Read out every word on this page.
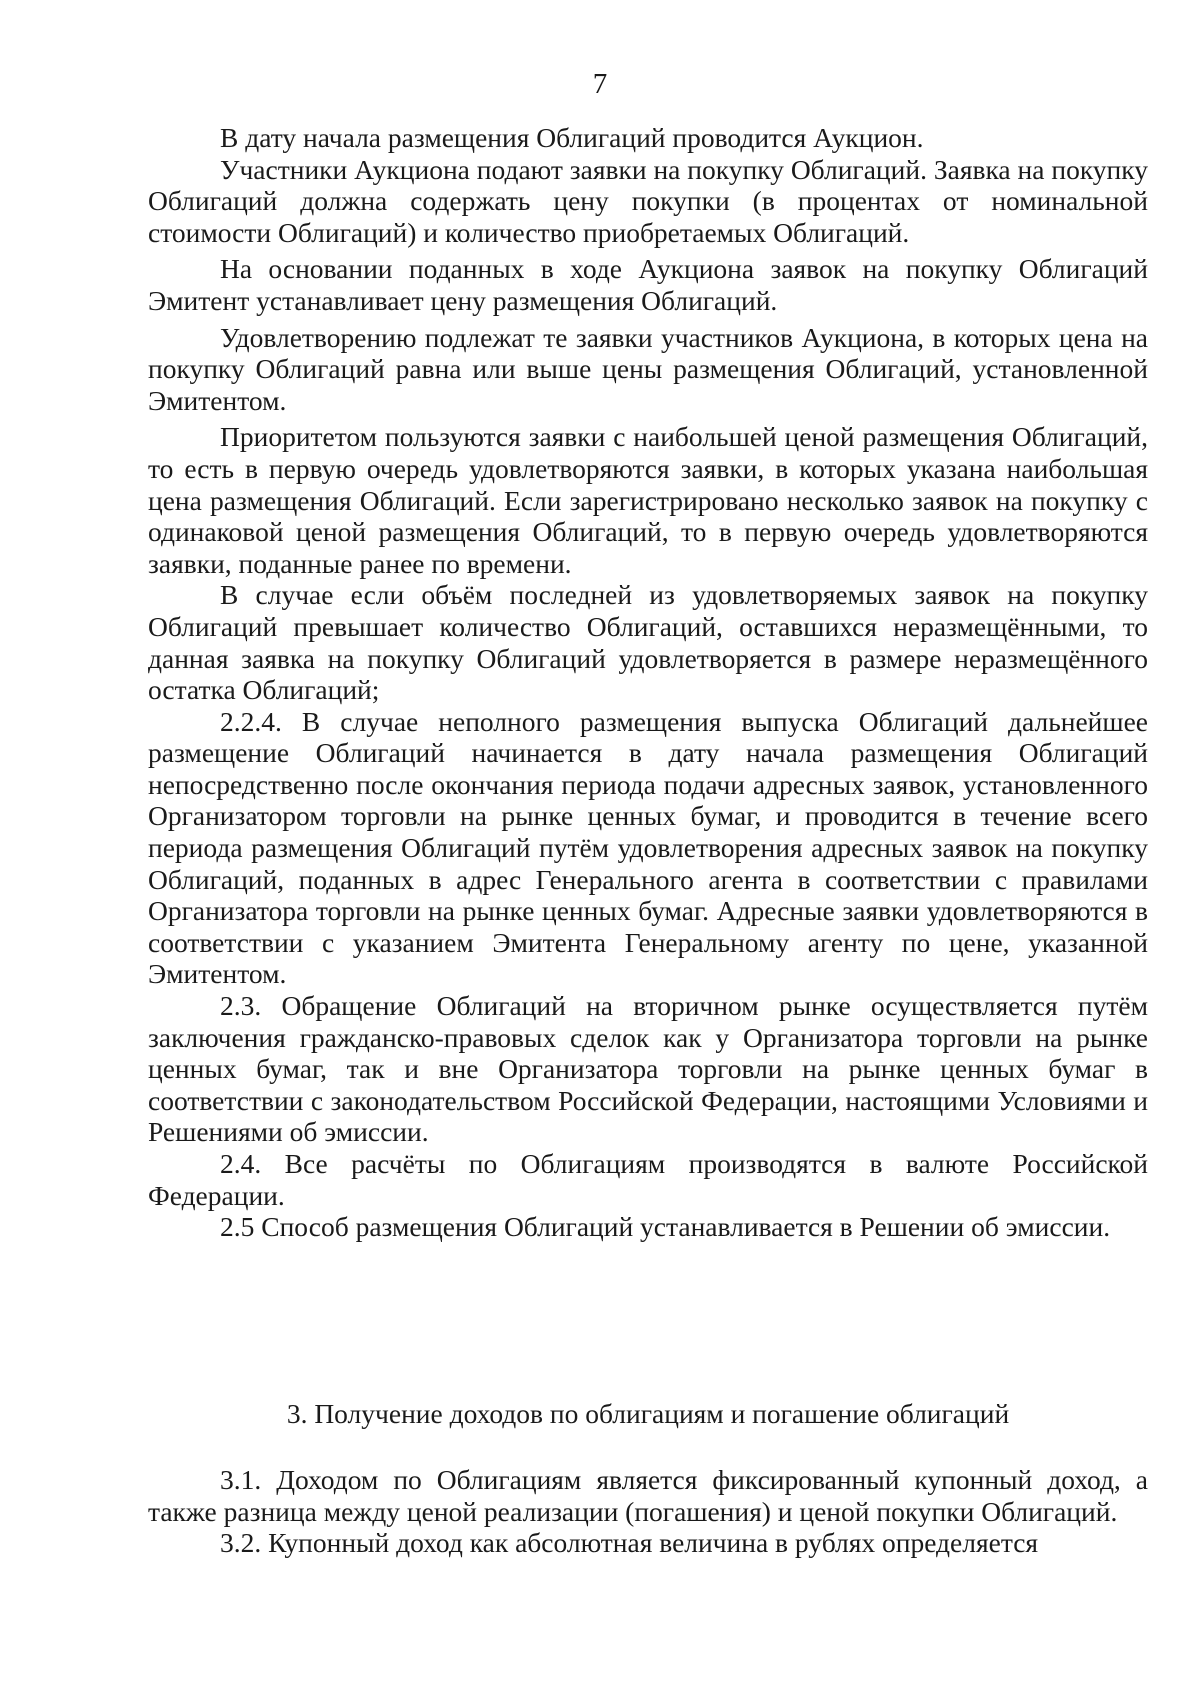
7

В дату начала размещения Облигаций проводится Аукцион.

Участники Аукциона подают заявки на покупку Облигаций. Заявка на покупку Облигаций должна содержать цену покупки (в процентах от номинальной стоимости Облигаций) и количество приобретаемых Облигаций.

На основании поданных в ходе Аукциона заявок на покупку Облигаций Эмитент устанавливает цену размещения Облигаций.

Удовлетворению подлежат те заявки участников Аукциона, в которых цена на покупку Облигаций равна или выше цены размещения Облигаций, установленной Эмитентом.

Приоритетом пользуются заявки с наибольшей ценой размещения Облигаций, то есть в первую очередь удовлетворяются заявки, в которых указана наибольшая цена размещения Облигаций. Если зарегистрировано несколько заявок на покупку с одинаковой ценой размещения Облигаций, то в первую очередь удовлетворяются заявки, поданные ранее по времени.

В случае если объём последней из удовлетворяемых заявок на покупку Облигаций превышает количество Облигаций, оставшихся неразмещёнными, то данная заявка на покупку Облигаций удовлетворяется в размере неразмещённого остатка Облигаций;

2.2.4. В случае неполного размещения выпуска Облигаций дальнейшее размещение Облигаций начинается в дату начала размещения Облигаций непосредственно после окончания периода подачи адресных заявок, установленного Организатором торговли на рынке ценных бумаг, и проводится в течение всего периода размещения Облигаций путём удовлетворения адресных заявок на покупку Облигаций, поданных в адрес Генерального агента в соответствии с правилами Организатора торговли на рынке ценных бумаг. Адресные заявки удовлетворяются в соответствии с указанием Эмитента Генеральному агенту по цене, указанной Эмитентом.

2.3. Обращение Облигаций на вторичном рынке осуществляется путём заключения гражданско-правовых сделок как у Организатора торговли на рынке ценных бумаг, так и вне Организатора торговли на рынке ценных бумаг в соответствии с законодательством Российской Федерации, настоящими Условиями и Решениями об эмиссии.

2.4. Все расчёты по Облигациям производятся в валюте Российской Федерации.

2.5 Способ размещения Облигаций устанавливается в Решении об эмиссии.

3. Получение доходов по облигациям и погашение облигаций

3.1. Доходом по Облигациям является фиксированный купонный доход, а также разница между ценой реализации (погашения) и ценой покупки Облигаций.

3.2. Купонный доход как абсолютная величина в рублях определяется
